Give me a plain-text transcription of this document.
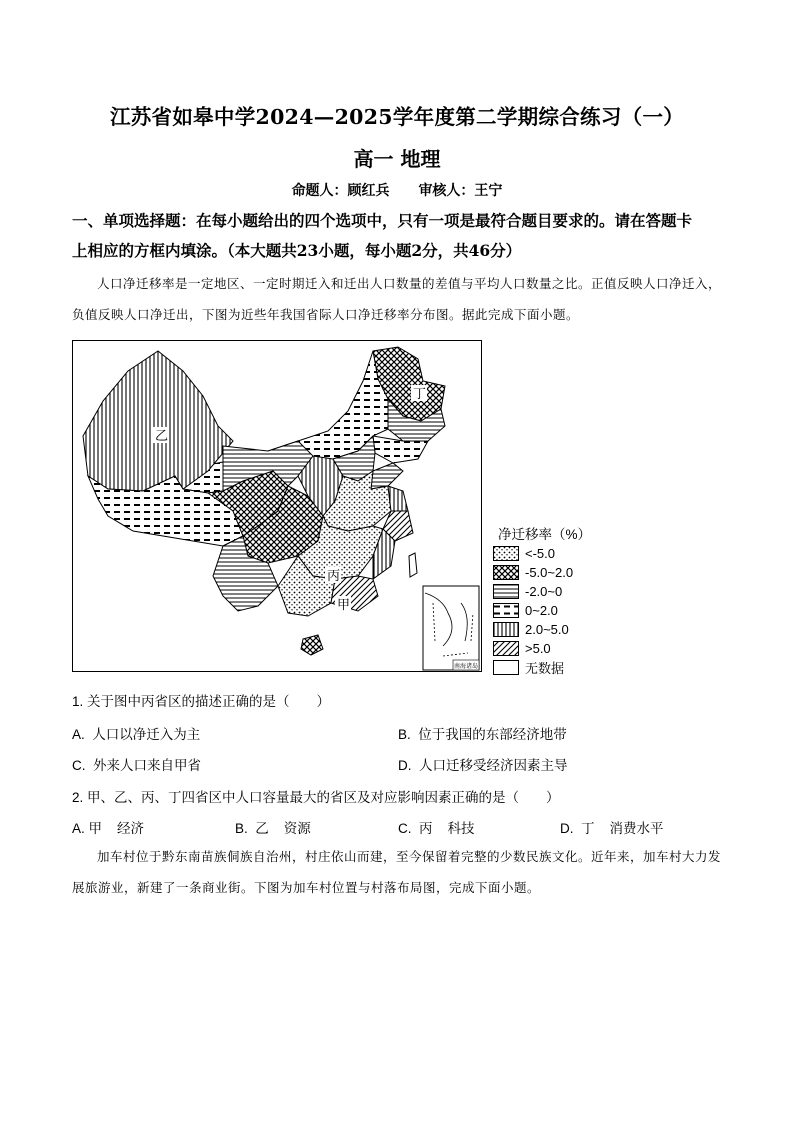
江苏省如皋中学2024—2025学年度第二学期综合练习（一）
高一 地理
命题人：顾红兵 审核人：王宁
一、单项选择题：在每小题给出的四个选项中，只有一项是最符合题目要求的。请在答题卡
上相应的方框内填涂。（本大题共23小题，每小题2分，共46分）
人口净迁移率是一定地区、一定时期迁入和迁出人口数量的差值与平均人口数量之比。正值反映人口净迁入，负值反映人口净迁出，下图为近些年我国省际人口净迁移率分布图。据此完成下面小题。
南海诸岛
乙
丙
甲
丁
净迁移率（%）
<-5.0
-5.0~2.0
-2.0~0
0~2.0
2.0~5.0
>5.0
无数据
1. 关于图中丙省区的描述正确的是（　　）
A.  人口以净迁入为主	B.  位于我国的东部经济地带
C.  外来人口来自甲省	D.  人口迁移受经济因素主导
2. 甲、乙、丙、丁四省区中人口容量最大的省区及对应影响因素正确的是（　　）
A. 甲    经济	B.  乙    资源	C.  丙    科技	D.  丁    消费水平
加车村位于黔东南苗族侗族自治州，村庄依山而建，至今保留着完整的少数民族文化。近年来，加车村大力发展旅游业，新建了一条商业街。下图为加车村位置与村落布局图，完成下面小题。
